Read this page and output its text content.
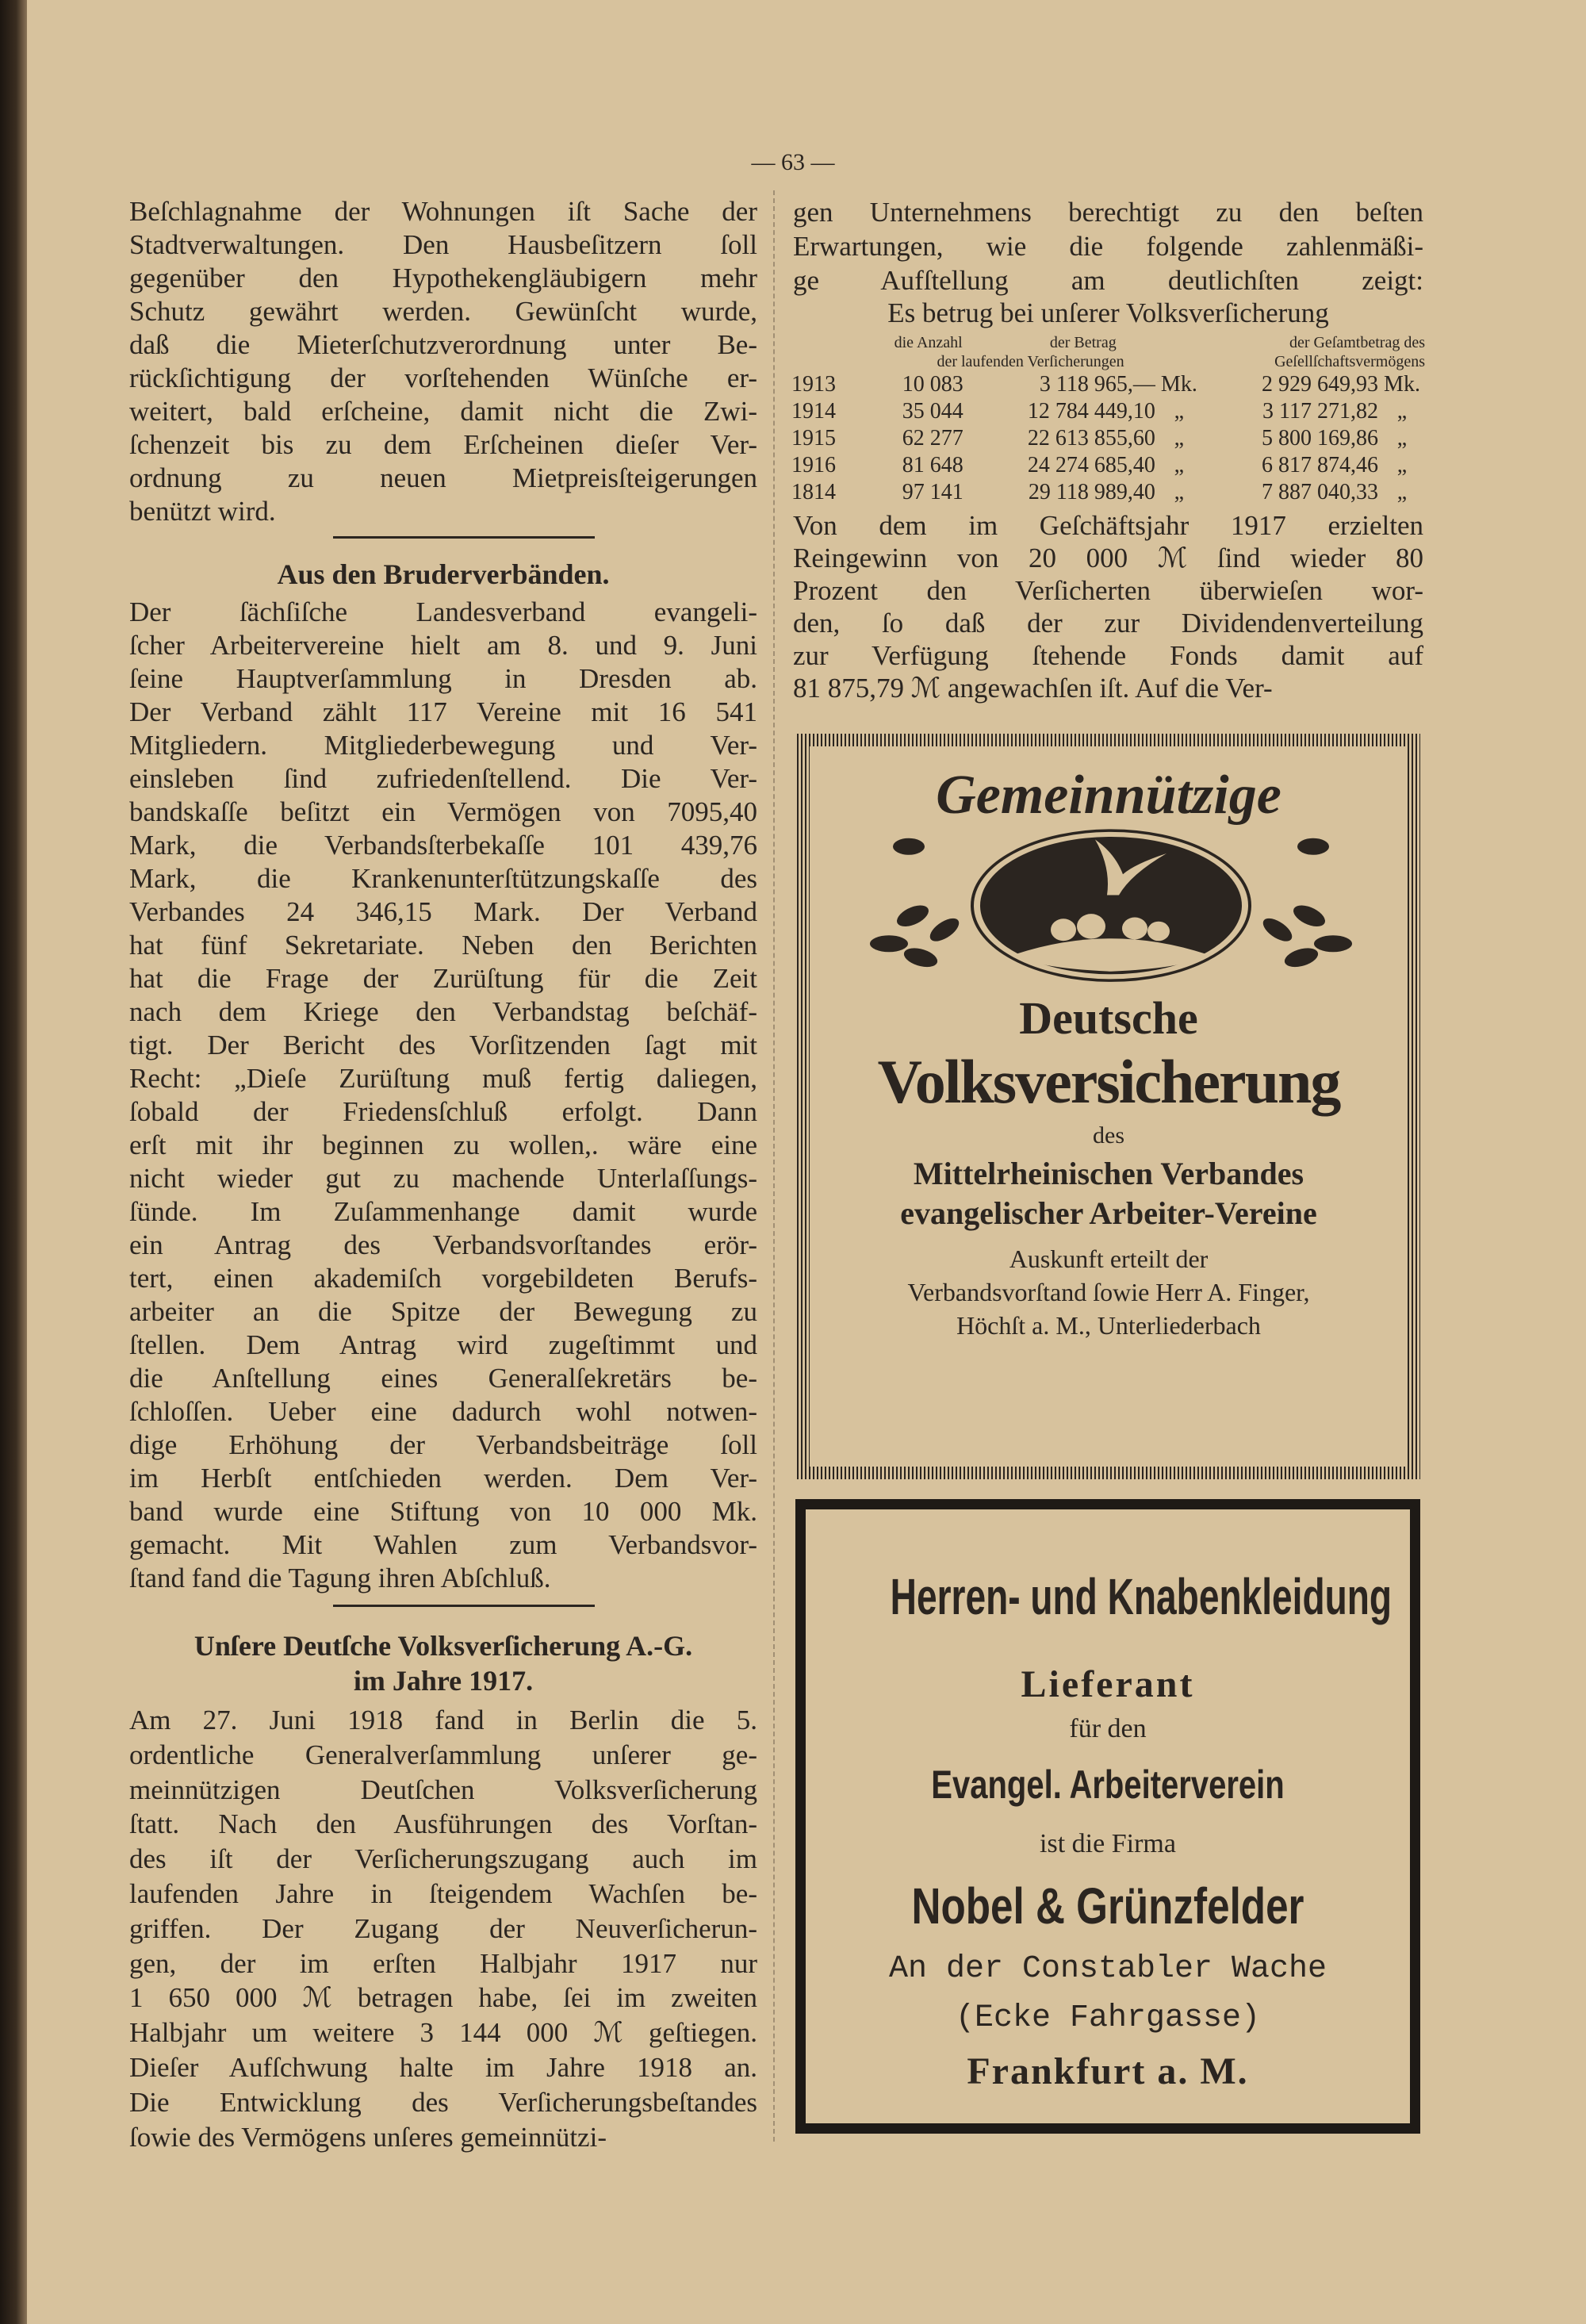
— 63 —
Beſchlagnahme der Wohnungen iſt Sache der
Stadtverwaltungen. Den Hausbeſitzern ſoll
gegenüber den Hypothekengläubigern mehr
Schutz gewährt werden. Gewünſcht wurde,
daß die Mieterſchutzverordnung unter Be-
rückſichtigung der vorſtehenden Wünſche er-
weitert, bald erſcheine, damit nicht die Zwi-
ſchenzeit bis zu dem Erſcheinen dieſer Ver-
ordnung zu neuen Mietpreisſteigerungen
benützt wird.
Aus den Bruderverbänden.
Der ſächſiſche Landesverband evangeli-
ſcher Arbeitervereine hielt am 8. und 9. Juni
ſeine Hauptverſammlung in Dresden ab.
Der Verband zählt 117 Vereine mit 16 541
Mitgliedern. Mitgliederbewegung und Ver-
einsleben ſind zufriedenſtellend. Die Ver-
bandskaſſe beſitzt ein Vermögen von 7095,40
Mark, die Verbandsſterbekaſſe 101 439,76
Mark, die Krankenunterſtützungskaſſe des
Verbandes 24 346,15 Mark. Der Verband
hat fünf Sekretariate. Neben den Berichten
hat die Frage der Zurüſtung für die Zeit
nach dem Kriege den Verbandstag beſchäf-
tigt. Der Bericht des Vorſitzenden ſagt mit
Recht: „Dieſe Zurüſtung muß fertig daliegen,
ſobald der Friedensſchluß erfolgt. Dann
erſt mit ihr beginnen zu wollen,. wäre eine
nicht wieder gut zu machende Unterlaſſungs-
ſünde. Im Zuſammenhange damit wurde
ein Antrag des Verbandsvorſtandes erör-
tert, einen akademiſch vorgebildeten Berufs-
arbeiter an die Spitze der Bewegung zu
ſtellen. Dem Antrag wird zugeſtimmt und
die Anſtellung eines Generalſekretärs be-
ſchloſſen. Ueber eine dadurch wohl notwen-
dige Erhöhung der Verbandsbeiträge ſoll
im Herbſt entſchieden werden. Dem Ver-
band wurde eine Stiftung von 10 000 Mk.
gemacht. Mit Wahlen zum Verbandsvor-
ſtand fand die Tagung ihren Abſchluß.
Unſere Deutſche Volksverſicherung A.-G.
im Jahre 1917.
Am 27. Juni 1918 fand in Berlin die 5.
ordentliche Generalverſammlung unſerer ge-
meinnützigen Deutſchen Volksverſicherung
ſtatt. Nach den Ausführungen des Vorſtan-
des iſt der Verſicherungszugang auch im
laufenden Jahre in ſteigendem Wachſen be-
griffen. Der Zugang der Neuverſicherun-
gen, der im erſten Halbjahr 1917 nur
1 650 000 ℳ betragen habe, ſei im zweiten
Halbjahr um weitere 3 144 000 ℳ geſtiegen.
Dieſer Aufſchwung halte im Jahre 1918 an.
Die Entwicklung des Verſicherungsbeſtandes
ſowie des Vermögens unſeres gemeinnützi-
gen Unternehmens berechtigt zu den beſten
Erwartungen, wie die folgende zahlenmäßi-
ge Aufſtellung am deutlichſten zeigt:
Es betrug bei unſerer Volksverſicherung
	die Anzahl	der Betrag		der Geſamtbetrag des	
	der laufenden Verſicherungen			Geſellſchaftsvermögens	
1913	10 083	3 118 965,—	Mk.	2 929 649,93	Mk.
1914	35 044	12 784 449,10	„	3 117 271,82	„
1915	62 277	22 613 855,60	„	5 800 169,86	„
1916	81 648	24 274 685,40	„	6 817 874,46	„
1814	97 141	29 118 989,40	„	7 887 040,33	„
Von dem im Geſchäftsjahr 1917 erzielten
Reingewinn von 20 000 ℳ ſind wieder 80
Prozent den Verſicherten überwieſen wor-
den, ſo daß der zur Dividendenverteilung
zur Verfügung ſtehende Fonds damit auf
81 875,79 ℳ angewachſen iſt. Auf die Ver-
Gemeinnützige
Deutsche
Volksversicherung
des
Mittelrheinischen Verbandes
evangelischer Arbeiter-Vereine
Auskunft erteilt der
Verbandsvorſtand ſowie Herr A. Finger,
Höchſt a. M., Unterliederbach
Herren- und Knabenkleidung
Lieferant
für den
Evangel. Arbeiterverein
ist die Firma
Nobel & Grünzfelder
An der Constabler Wache
(Ecke Fahrgasse)
Frankfurt a. M.
